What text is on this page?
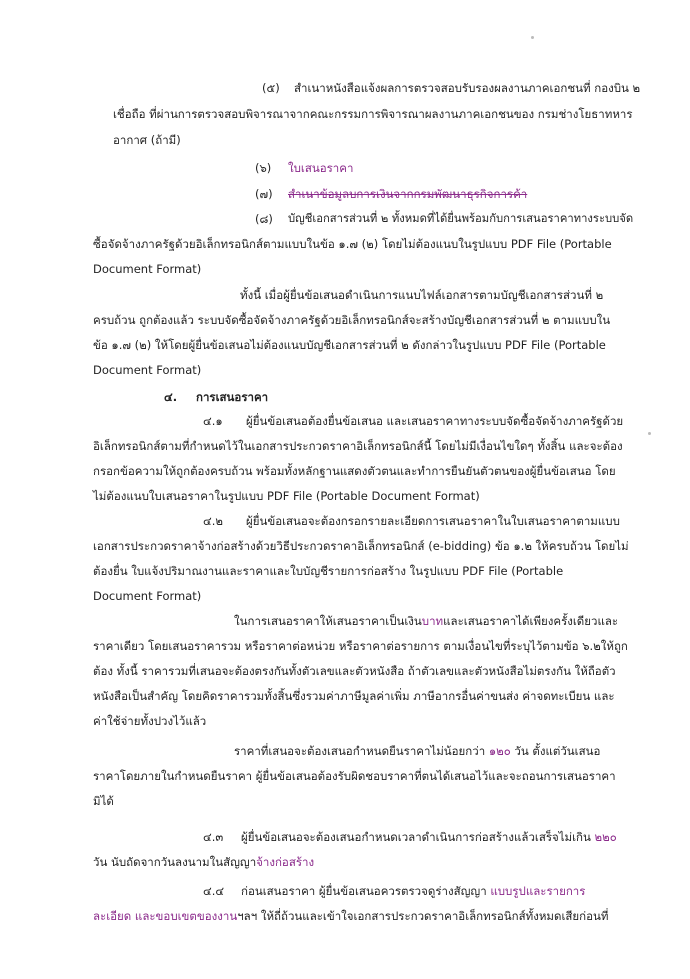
(๕) สำเนาหนังสือแจ้งผลการตรวจสอบรับรองผลงานภาคเอกชนที่ กองบิน ๒
เชื่อถือ ที่ผ่านการตรวจสอบพิจารณาจากคณะกรรมการพิจารณาผลงานภาคเอกชนของ กรมช่างโยธาทหาร
อากาศ (ถ้ามี)
(๖) ใบเสนอราคา
(๗) สำเนาข้อมูลบการเงินจากกรมพัฒนาธุรกิจการค้า
(๘) บัญชีเอกสารส่วนที่ ๒ ทั้งหมดที่ได้ยื่นพร้อมกับการเสนอราคาทางระบบจัด
ซื้อจัดจ้างภาครัฐด้วยอิเล็กทรอนิกส์ตามแบบในข้อ ๑.๗ (๒) โดยไม่ต้องแนบในรูปแบบ PDF File (Portable
Document Format)
ทั้งนี้ เมื่อผู้ยื่นข้อเสนอดำเนินการแนบไฟล์เอกสารตามบัญชีเอกสารส่วนที่ ๒
ครบถ้วน ถูกต้องแล้ว ระบบจัดซื้อจัดจ้างภาครัฐด้วยอิเล็กทรอนิกส์จะสร้างบัญชีเอกสารส่วนที่ ๒ ตามแบบใน
ข้อ ๑.๗ (๒) ให้โดยผู้ยื่นข้อเสนอไม่ต้องแนบบัญชีเอกสารส่วนที่ ๒ ดังกล่าวในรูปแบบ PDF File (Portable
Document Format)
๔. การเสนอราคา
๔.๑ ผู้ยื่นข้อเสนอต้องยื่นข้อเสนอ และเสนอราคาทางระบบจัดซื้อจัดจ้างภาครัฐด้วย
อิเล็กทรอนิกส์ตามที่กำหนดไว้ในเอกสารประกวดราคาอิเล็กทรอนิกส์นี้ โดยไม่มีเงื่อนไขใดๆ ทั้งสิ้น และจะต้อง
กรอกข้อความให้ถูกต้องครบถ้วน พร้อมทั้งหลักฐานแสดงตัวตนและทำการยืนยันตัวตนของผู้ยื่นข้อเสนอ โดย
ไม่ต้องแนบใบเสนอราคาในรูปแบบ PDF File (Portable Document Format)
๔.๒ ผู้ยื่นข้อเสนอจะต้องกรอกรายละเอียดการเสนอราคาในใบเสนอราคาตามแบบ
เอกสารประกวดราคาจ้างก่อสร้างด้วยวิธีประกวดราคาอิเล็กทรอนิกส์ (e-bidding) ข้อ ๑.๒ ให้ครบถ้วน โดยไม่
ต้องยื่น ใบแจ้งปริมาณงานและราคาและใบบัญชีรายการก่อสร้าง ในรูปแบบ PDF File (Portable
Document Format)
ในการเสนอราคาให้เสนอราคาเป็นเงินบาทและเสนอราคาได้เพียงครั้งเดียวและ
ราคาเดียว โดยเสนอราคารวม หรือราคาต่อหน่วย หรือราคาต่อรายการ ตามเงื่อนไขที่ระบุไว้ตามข้อ ๖.๒ให้ถูก
ต้อง ทั้งนี้ ราคารวมที่เสนอจะต้องตรงกันทั้งตัวเลขและตัวหนังสือ ถ้าตัวเลขและตัวหนังสือไม่ตรงกัน ให้ถือตัว
หนังสือเป็นสำคัญ โดยคิดราคารวมทั้งสิ้นซึ่งรวมค่าภาษีมูลค่าเพิ่ม ภาษีอากรอื่นค่าขนส่ง ค่าจดทะเบียน และ
ค่าใช้จ่ายทั้งปวงไว้แล้ว
ราคาที่เสนอจะต้องเสนอกำหนดยืนราคาไม่น้อยกว่า ๑๒๐ วัน ตั้งแต่วันเสนอ
ราคาโดยภายในกำหนดยืนราคา ผู้ยื่นข้อเสนอต้องรับผิดชอบราคาที่ตนได้เสนอไว้และจะถอนการเสนอราคา
มิได้
๔.๓ ผู้ยื่นข้อเสนอจะต้องเสนอกำหนดเวลาดำเนินการก่อสร้างแล้วเสร็จไม่เกิน ๒๒๐
วัน นับถัดจากวันลงนามในสัญญาจ้างก่อสร้าง
๔.๔ ก่อนเสนอราคา ผู้ยื่นข้อเสนอควรตรวจดูร่างสัญญา แบบรูปและรายการ
ละเอียด และขอบเขตของงานฯลฯ ให้ถี่ถ้วนและเข้าใจเอกสารประกวดราคาอิเล็กทรอนิกส์ทั้งหมดเสียก่อนที่
